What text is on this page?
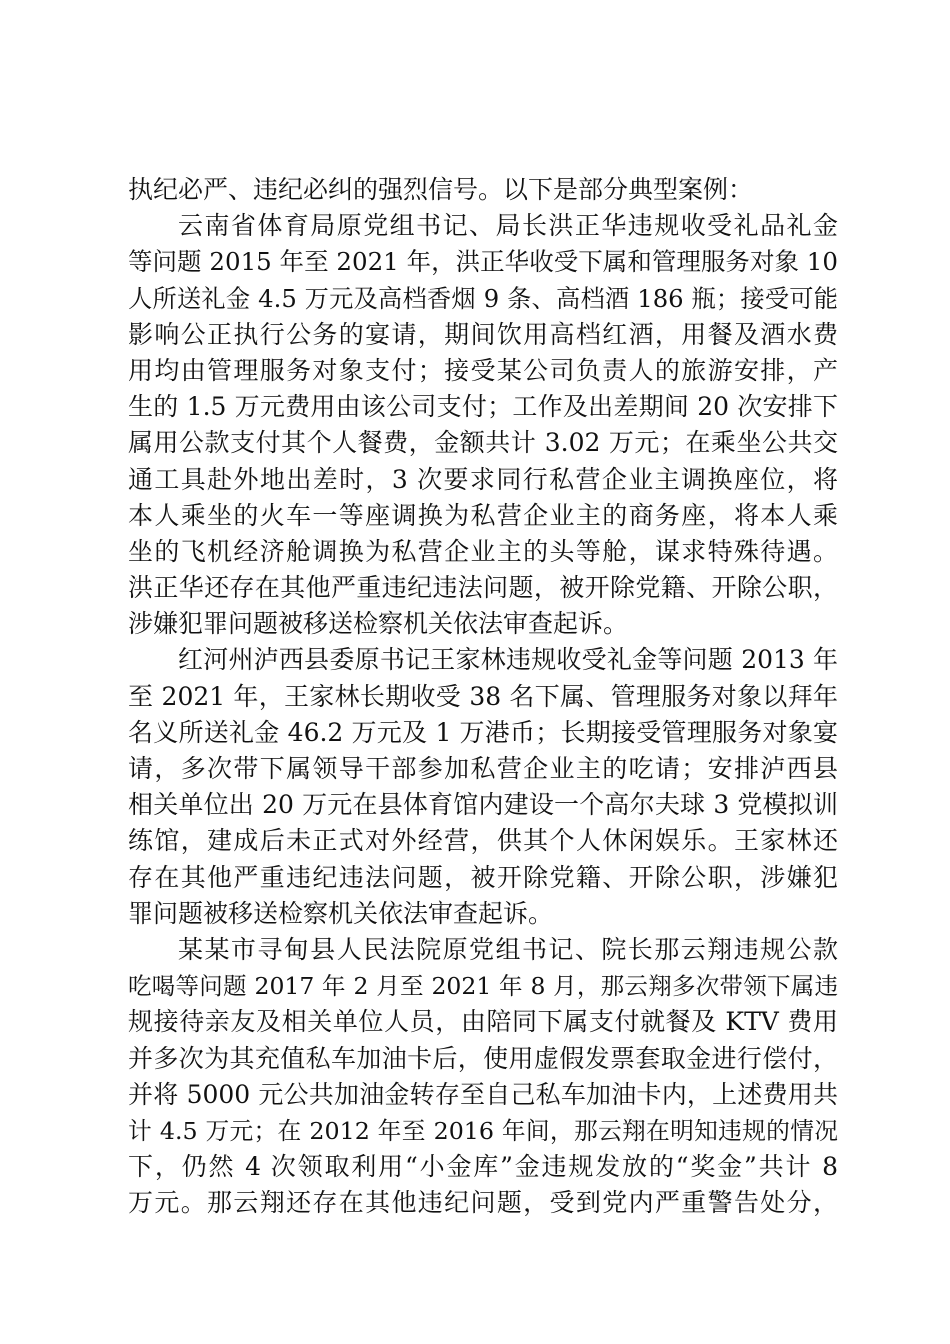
执纪必严、违纪必纠的强烈信号。以下是部分典型案例：
云南省体育局原党组书记、局长洪正华违规收受礼品礼金
等问题 2015 年至 2021 年，洪正华收受下属和管理服务对象 10
人所送礼金 4.5 万元及高档香烟 9 条、高档酒 186 瓶；接受可能
影响公正执行公务的宴请，期间饮用高档红酒，用餐及酒水费
用均由管理服务对象支付；接受某公司负责人的旅游安排，产
生的 1.5 万元费用由该公司支付；工作及出差期间 20 次安排下
属用公款支付其个人餐费，金额共计 3.02 万元；在乘坐公共交
通工具赴外地出差时，3 次要求同行私营企业主调换座位，将
本人乘坐的火车一等座调换为私营企业主的商务座，将本人乘
坐的飞机经济舱调换为私营企业主的头等舱，谋求特殊待遇。
洪正华还存在其他严重违纪违法问题，被开除党籍、开除公职，
涉嫌犯罪问题被移送检察机关依法审查起诉。
红河州泸西县委原书记王家林违规收受礼金等问题 2013 年
至 2021 年，王家林长期收受 38 名下属、管理服务对象以拜年
名义所送礼金 46.2 万元及 1 万港币；长期接受管理服务对象宴
请，多次带下属领导干部参加私营企业主的吃请；安排泸西县
相关单位出 20 万元在县体育馆内建设一个高尔夫球 3 党模拟训
练馆，建成后未正式对外经营，供其个人休闲娱乐。王家林还
存在其他严重违纪违法问题，被开除党籍、开除公职，涉嫌犯
罪问题被移送检察机关依法审查起诉。
某某市寻甸县人民法院原党组书记、院长那云翔违规公款
吃喝等问题 2017 年 2 月至 2021 年 8 月，那云翔多次带领下属违
规接待亲友及相关单位人员，由陪同下属支付就餐及 KTV 费用
并多次为其充值私车加油卡后，使用虚假发票套取金进行偿付，
并将 5000 元公共加油金转存至自己私车加油卡内，上述费用共
计 4.5 万元；在 2012 年至 2016 年间，那云翔在明知违规的情况
下，仍然 4 次领取利用“小金库”金违规发放的“奖金”共计 8
万元。那云翔还存在其他违纪问题，受到党内严重警告处分，
